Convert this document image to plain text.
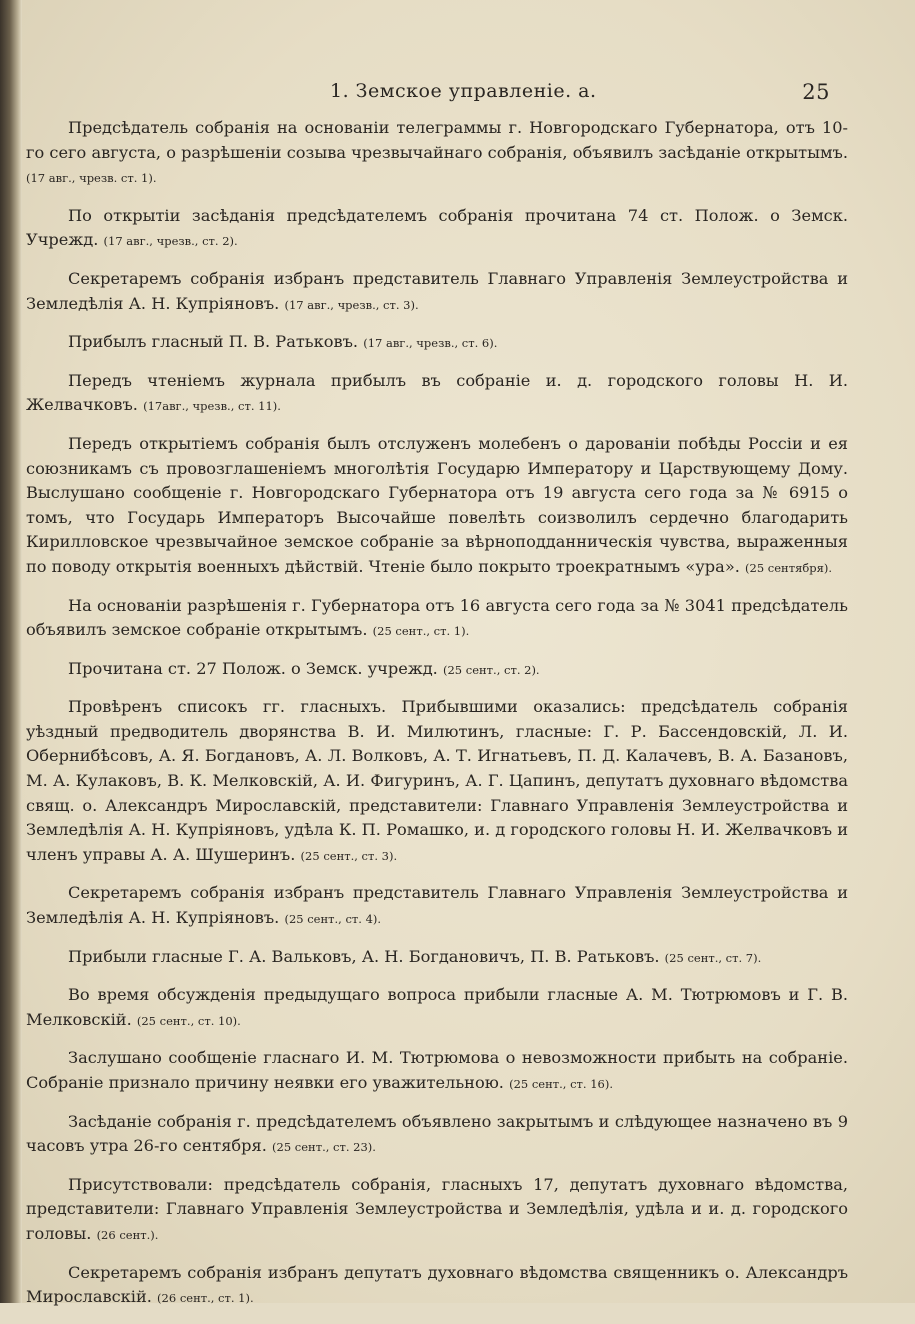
1. Земское управленіе. а.	25

Предсѣдатель собранія на основаніи телеграммы г. Новгородскаго Губернатора, отъ 10-го сего августа, о разрѣшеніи созыва чрезвычайнаго собранія, объявилъ засѣданіе открытымъ. (17 авг., чрезв. ст. 1).

По открытіи засѣданія предсѣдателемъ собранія прочитана 74 ст. Полож. о Земск. Учрежд. (17 авг., чрезв., ст. 2).

Секретаремъ собранія избранъ представитель Главнаго Управленія Землеустройства и Земледѣлія А. Н. Купріяновъ. (17 авг., чрезв., ст. 3).

Прибылъ гласный П. В. Ратьковъ. (17 авг., чрезв., ст. 6).

Передъ чтеніемъ журнала прибылъ въ собраніе и. д. городского головы Н. И. Желвачковъ. (17авг., чрезв., ст. 11).

Передъ открытіемъ собранія былъ отслуженъ молебенъ о дарованіи побѣды Россіи и ея союзникамъ съ провозглашеніемъ многолѣтія Государю Императору и Царствующему Дому. Выслушано сообщеніе г. Новгородскаго Губернатора отъ 19 августа сего года за № 6915 о томъ, что Государь Императоръ Высочайше повелѣть соизволилъ сердечно благодарить Кирилловское чрезвычайное земское собраніе за вѣрноподданническія чувства, выраженныя по поводу открытія военныхъ дѣйствій. Чтеніе было покрыто троекратнымъ «ура». (25 сентября).

На основаніи разрѣшенія г. Губернатора отъ 16 августа сего года за № 3041 предсѣдатель объявилъ земское собраніе открытымъ. (25 сент., ст. 1).

Прочитана ст. 27 Полож. о Земск. учрежд. (25 сент., ст. 2).

Провѣренъ списокъ гг. гласныхъ. Прибывшими оказались: предсѣдатель собранія уѣздный предводитель дворянства В. И. Милютинъ, гласные: Г. Р. Бассендовскій, Л. И. Обернибѣсовъ, А. Я. Богдановъ, А. Л. Волковъ, А. Т. Игнатьевъ, П. Д. Калачевъ, В. А. Базановъ, М. А. Кулаковъ, В. К. Мелковскій, А. И. Фигуринъ, А. Г. Цапинъ, депутатъ духовнаго вѣдомства свящ. о. Александръ Мирославскій, представители: Главнаго Управленія Землеустройства и Земледѣлія А. Н. Купріяновъ, удѣла К. П. Ромашко, и. д городского головы Н. И. Желвачковъ и членъ управы А. А. Шушеринъ. (25 сент., ст. 3).

Секретаремъ собранія избранъ представитель Главнаго Управленія Землеустройства и Земледѣлія А. Н. Купріяновъ. (25 сент., ст. 4).

Прибыли гласные Г. А. Вальковъ, А. Н. Богдановичъ, П. В. Ратьковъ. (25 сент., ст. 7).

Во время обсужденія предыдущаго вопроса прибыли гласные А. М. Тютрюмовъ и Г. В. Мелковскій. (25 сент., ст. 10).

Заслушано сообщеніе гласнаго И. М. Тютрюмова о невозможности прибыть на собраніе. Собраніе признало причину неявки его уважительною. (25 сент., ст. 16).

Засѣданіе собранія г. предсѣдателемъ объявлено закрытымъ и слѣдующее назначено въ 9 часовъ утра 26-го сентября. (25 сент., ст. 23).

Присутствовали: предсѣдатель собранія, гласныхъ 17, депутатъ духовнаго вѣдомства, представители: Главнаго Управленія Землеустройства и Земледѣлія, удѣла и и. д. городского головы. (26 сент.).

Секретаремъ собранія избранъ депутатъ духовнаго вѣдомства священникъ о. Александръ Мирославскій. (26 сент., ст. 1).
